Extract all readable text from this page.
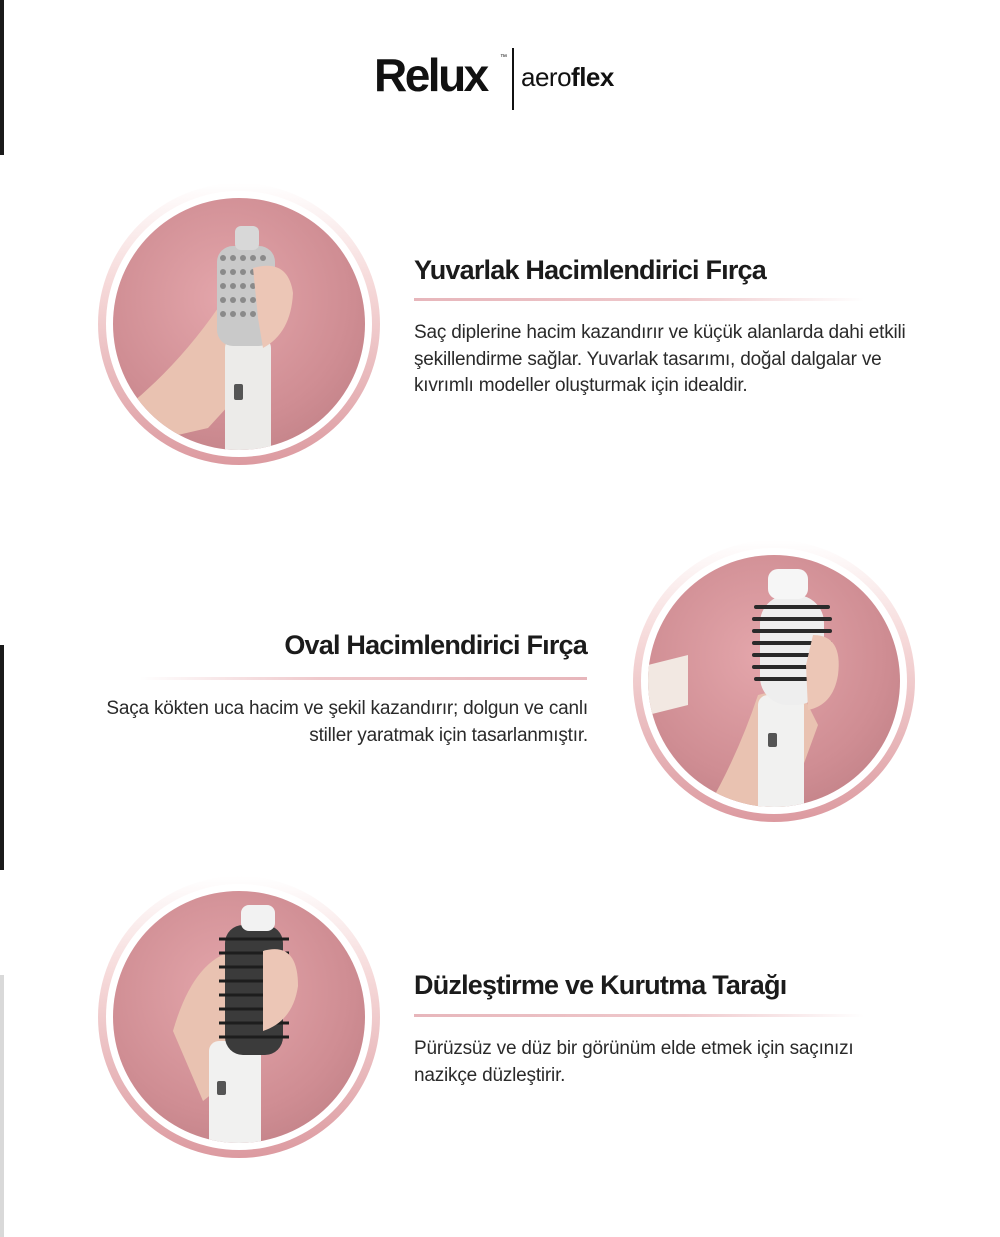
Relux ™
aeroflex
Yuvarlak Hacimlendirici Fırça
Saç diplerine hacim kazandırır ve küçük alanlarda dahi etkili şekillendirme sağlar. Yuvarlak tasarımı, doğal dalgalar ve kıvrımlı modeller oluşturmak için idealdir.
Oval Hacimlendirici Fırça
Saça kökten uca hacim ve şekil kazandırır; dolgun ve canlı stiller yaratmak için tasarlanmıştır.
Düzleştirme ve Kurutma Tarağı
Pürüzsüz ve düz bir görünüm elde etmek için saçınızı nazikçe düzleştirir.
